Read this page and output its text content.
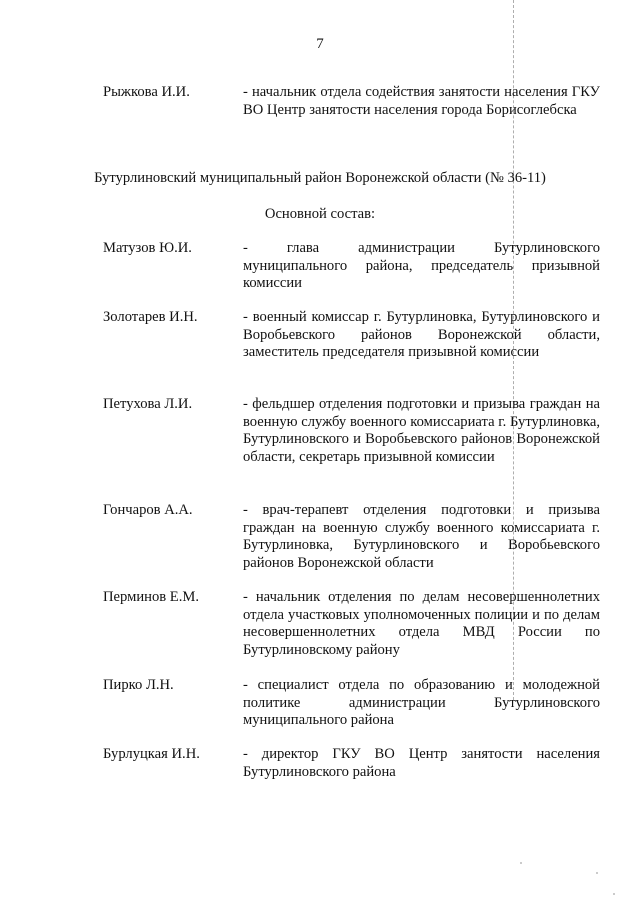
7
Рыжкова И.И.	- начальник отдела содействия занятости населения ГКУ ВО Центр занятости населения города Борисоглебска
Бутурлиновский муниципальный район Воронежской области (№ 36-11)
Основной состав:
Матузов Ю.И.	- глава администрации Бутурлиновского муниципального района, председатель призывной комиссии
Золотарев И.Н.	- военный комиссар г. Бутурлиновка, Бутурлиновского и Воробьевского районов Воронежской области, заместитель председателя призывной комиссии
Петухова Л.И.	- фельдшер отделения подготовки и призыва граждан на военную службу военного комиссариата г. Бутурлиновка, Бутурлиновского и Воробьевского районов Воронежской области, секретарь призывной комиссии
Гончаров А.А.	- врач-терапевт отделения подготовки и призыва граждан на военную службу военного комиссариата г. Бутурлиновка, Бутурлиновского и Воробьевского районов Воронежской области
Перминов Е.М.	- начальник отделения по делам несовершеннолетних отдела участковых уполномоченных полиции и по делам несовершеннолетних отдела МВД России по Бутурлиновскому району
Пирко Л.Н.	- специалист отдела по образованию и молодежной политике администрации Бутурлиновского муниципального района
Бурлуцкая И.Н.	- директор ГКУ ВО Центр занятости населения Бутурлиновского района
